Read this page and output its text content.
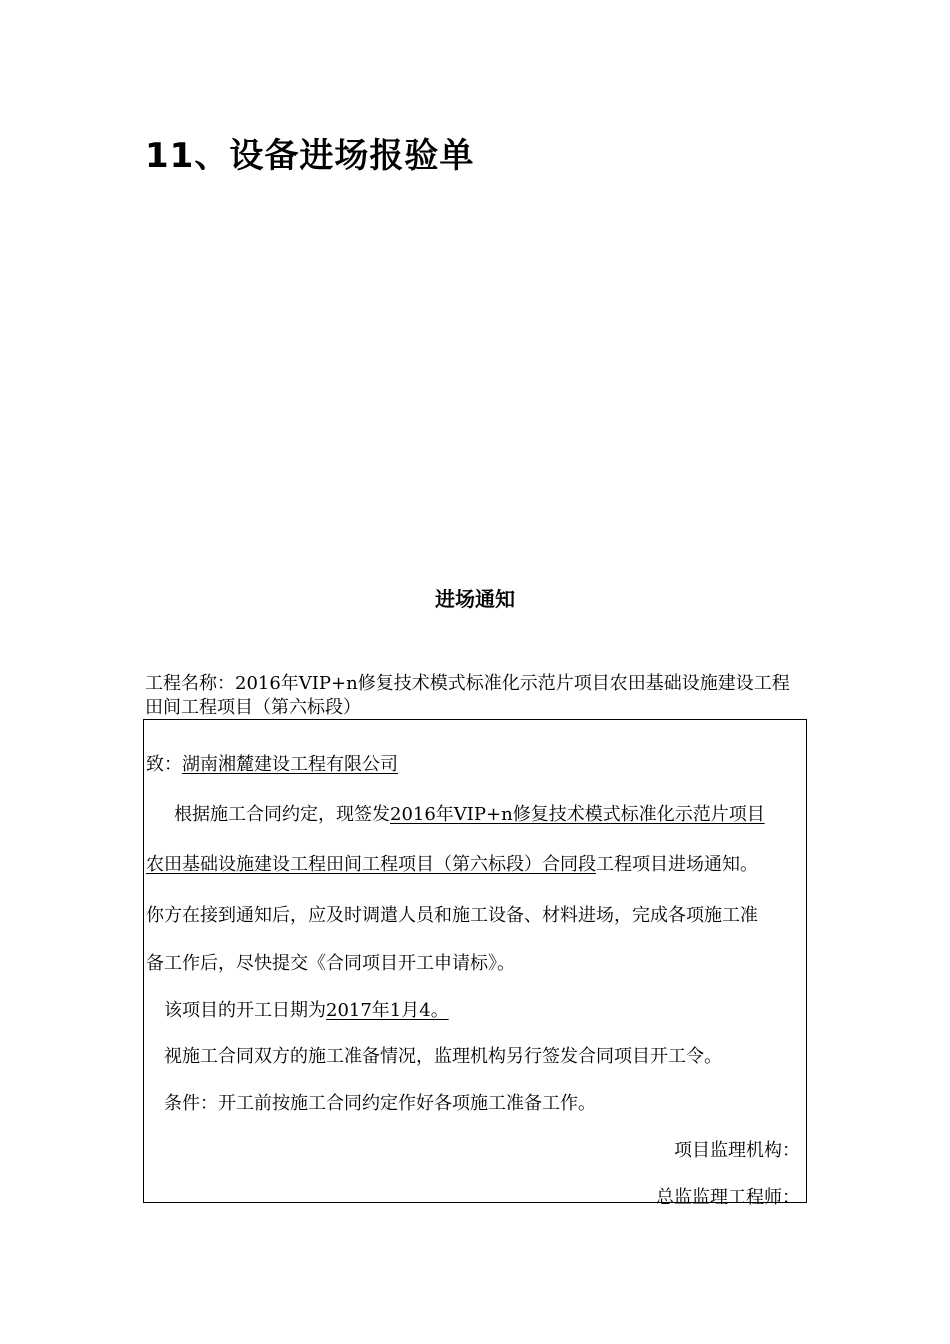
11、设备进场报验单
进场通知
工程名称：2016年VIP+n修复技术模式标准化示范片项目农田基础设施建设工程田间工程项目（第六标段）
致：湖南湘麓建设工程有限公司
根据施工合同约定，现签发2016年VIP+n修复技术模式标准化示范片项目
农田基础设施建设工程田间工程项目（第六标段）合同段工程项目进场通知。
你方在接到通知后，应及时调遣人员和施工设备、材料进场，完成各项施工准
备工作后，尽快提交《合同项目开工申请标》。
该项目的开工日期为2017年1月4。
视施工合同双方的施工准备情况，监理机构另行签发合同项目开工令。
条件：开工前按施工合同约定作好各项施工准备工作。
项目监理机构：
总监监理工程师：
